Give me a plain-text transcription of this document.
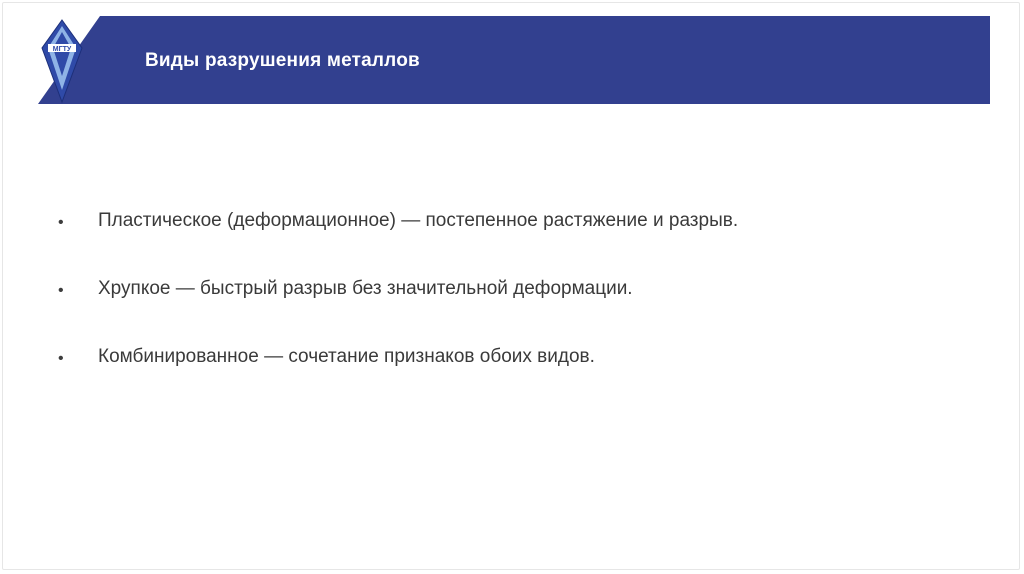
МГТУ
Виды разрушения металлов
• Пластическое (деформационное) — постепенное растяжение и разрыв.
• Хрупкое — быстрый разрыв без значительной деформации.
• Комбинированное — сочетание признаков обоих видов.
